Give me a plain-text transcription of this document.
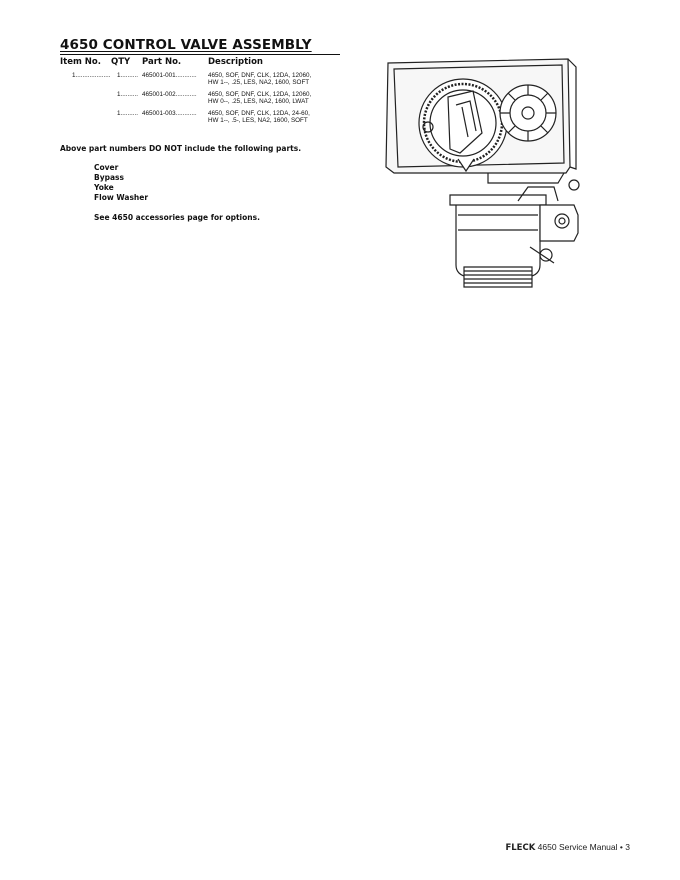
4650 CONTROL VALVE ASSEMBLY
Item No. QTY Part No.	Description
1.................... 1.......... 465001-001............ 4650, SOF, DNF, CLK, 12DA, 12060,
HW 1--, .25, LES, NA2, 1600, SOFT
1.......... 465001-002............ 4650, SOF, DNF, CLK, 12DA, 12060,
HW 0--, .25, LES, NA2, 1600, LWAT
1.......... 465001-003............ 4650, SOF, DNF, CLK, 12DA, 24-60,
HW 1--, .5-, LES, NA2, 1600, SOFT
Above part numbers DO NOT include the following parts.
Cover
Bypass
Yoke
Flow Washer
See 4650 accessories page for options.
FLECK 4650 Service Manual • 3
